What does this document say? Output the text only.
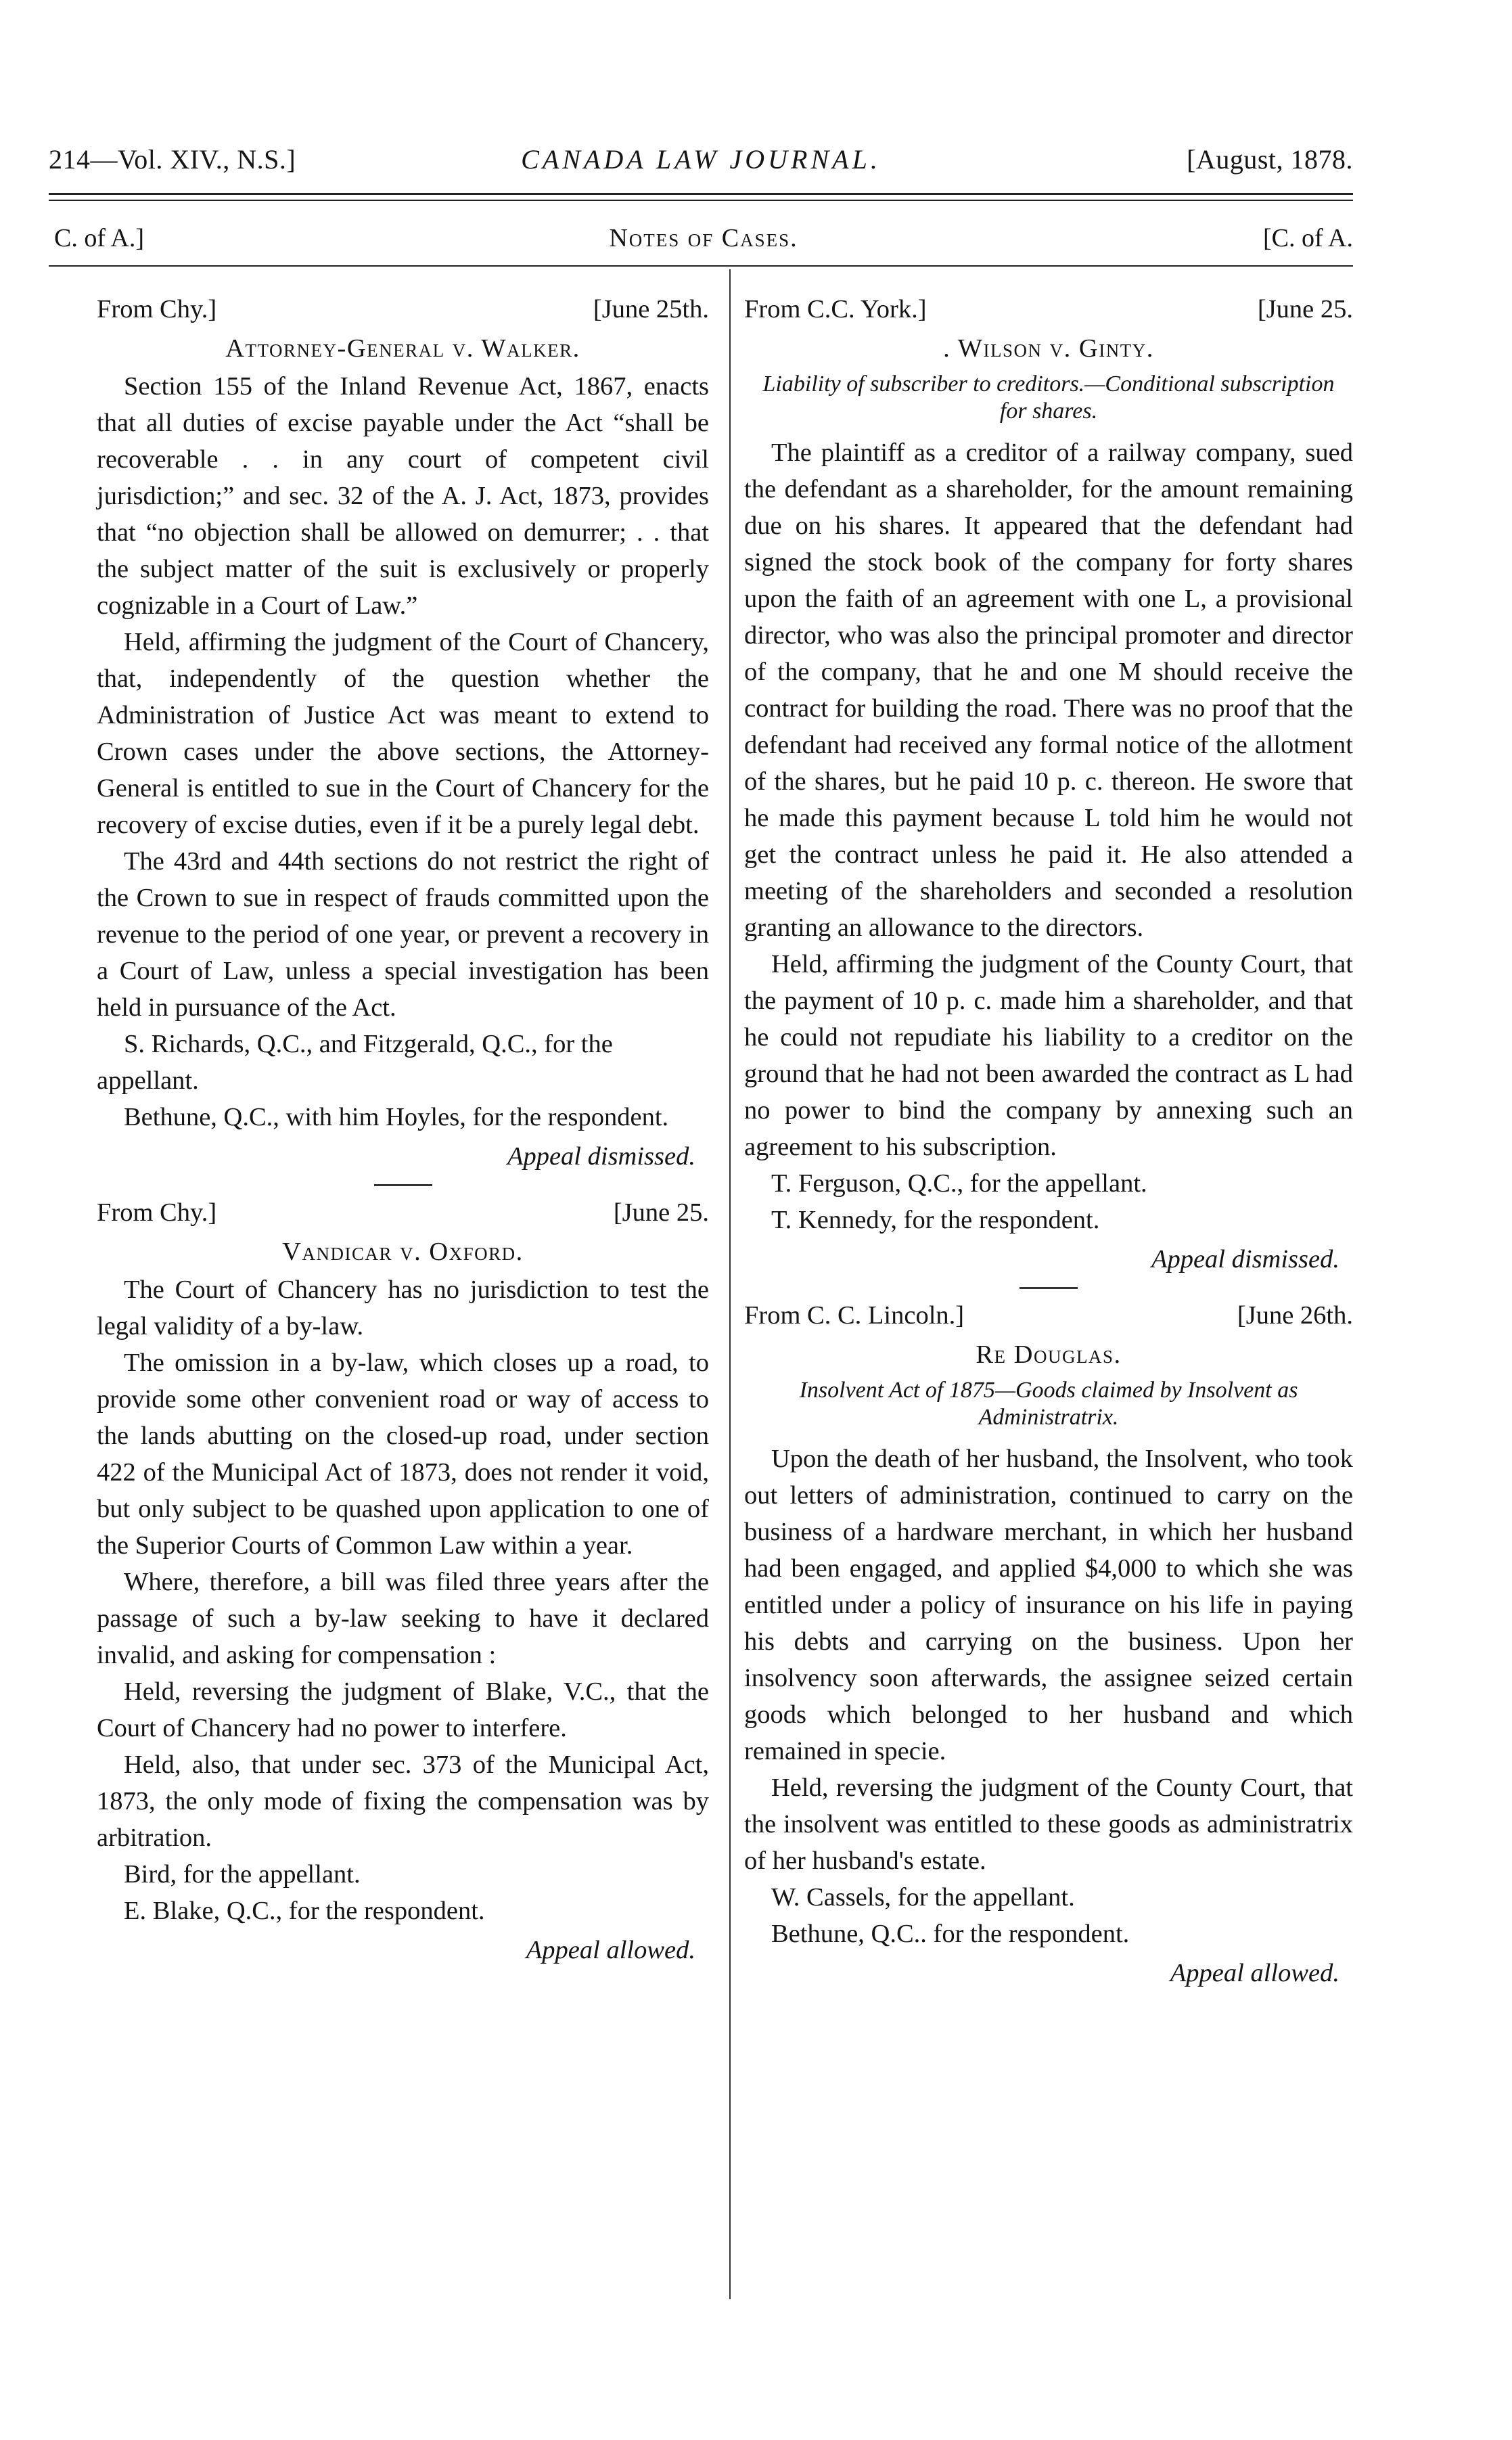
214—Vol. XIV., N.S.]	CANADA LAW JOURNAL.	[August, 1878.
C. of A.]	Notes of Cases.	[C. of A.
From Chy.]	[June 25th.
Attorney-General v. Walker.

Section 155 of the Inland Revenue Act, 1867, enacts that all duties of excise payable under the Act “shall be recoverable . . in any court of competent civil jurisdiction;” and sec. 32 of the A. J. Act, 1873, provides that “no objection shall be allowed on demurrer; . . that the subject matter of the suit is exclusively or properly cognizable in a Court of Law.”

Held, affirming the judgment of the Court of Chancery, that, independently of the question whether the Administration of Justice Act was meant to extend to Crown cases under the above sections, the Attorney-General is entitled to sue in the Court of Chancery for the recovery of excise duties, even if it be a purely legal debt.

The 43rd and 44th sections do not restrict the right of the Crown to sue in respect of frauds committed upon the revenue to the period of one year, or prevent a recovery in a Court of Law, unless a special investigation has been held in pursuance of the Act.

S. Richards, Q.C., and Fitzgerald, Q.C., for the appellant.
Bethune, Q.C., with him Hoyles, for the respondent.
Appeal dismissed.
From Chy.]	[June 25.
Vandicar v. Oxford.

The Court of Chancery has no jurisdiction to test the legal validity of a by-law.

The omission in a by-law, which closes up a road, to provide some other convenient road or way of access to the lands abutting on the closed-up road, under section 422 of the Municipal Act of 1873, does not render it void, but only subject to be quashed upon application to one of the Superior Courts of Common Law within a year.

Where, therefore, a bill was filed three years after the passage of such a by-law seeking to have it declared invalid, and asking for compensation :

Held, reversing the judgment of Blake, V.C., that the Court of Chancery had no power to interfere.

Held, also, that under sec. 373 of the Municipal Act, 1873, the only mode of fixing the compensation was by arbitration.

Bird, for the appellant.
E. Blake, Q.C., for the respondent.
Appeal allowed.
From C.C. York.]	[June 25.
. Wilson v. Ginty.
Liability of subscriber to creditors.—Conditional subscription for shares.

The plaintiff as a creditor of a railway company, sued the defendant as a shareholder, for the amount remaining due on his shares. It appeared that the defendant had signed the stock book of the company for forty shares upon the faith of an agreement with one L, a provisional director, who was also the principal promoter and director of the company, that he and one M should receive the contract for building the road. There was no proof that the defendant had received any formal notice of the allotment of the shares, but he paid 10 p. c. thereon. He swore that he made this payment because L told him he would not get the contract unless he paid it. He also attended a meeting of the shareholders and seconded a resolution granting an allowance to the directors.

Held, affirming the judgment of the County Court, that the payment of 10 p. c. made him a shareholder, and that he could not repudiate his liability to a creditor on the ground that he had not been awarded the contract as L had no power to bind the company by annexing such an agreement to his subscription.

T. Ferguson, Q.C., for the appellant.
T. Kennedy, for the respondent.
Appeal dismissed.
From C. C. Lincoln.]	[June 26th.
Re Douglas.
Insolvent Act of 1875—Goods claimed by Insolvent as Administratrix.

Upon the death of her husband, the Insolvent, who took out letters of administration, continued to carry on the business of a hardware merchant, in which her husband had been engaged, and applied $4,000 to which she was entitled under a policy of insurance on his life in paying his debts and carrying on the business. Upon her insolvency soon afterwards, the assignee seized certain goods which belonged to her husband and which remained in specie.

Held, reversing the judgment of the County Court, that the insolvent was entitled to these goods as administratrix of her husband's estate.

W. Cassels, for the appellant.
Bethune, Q.C.. for the respondent.
Appeal allowed.
